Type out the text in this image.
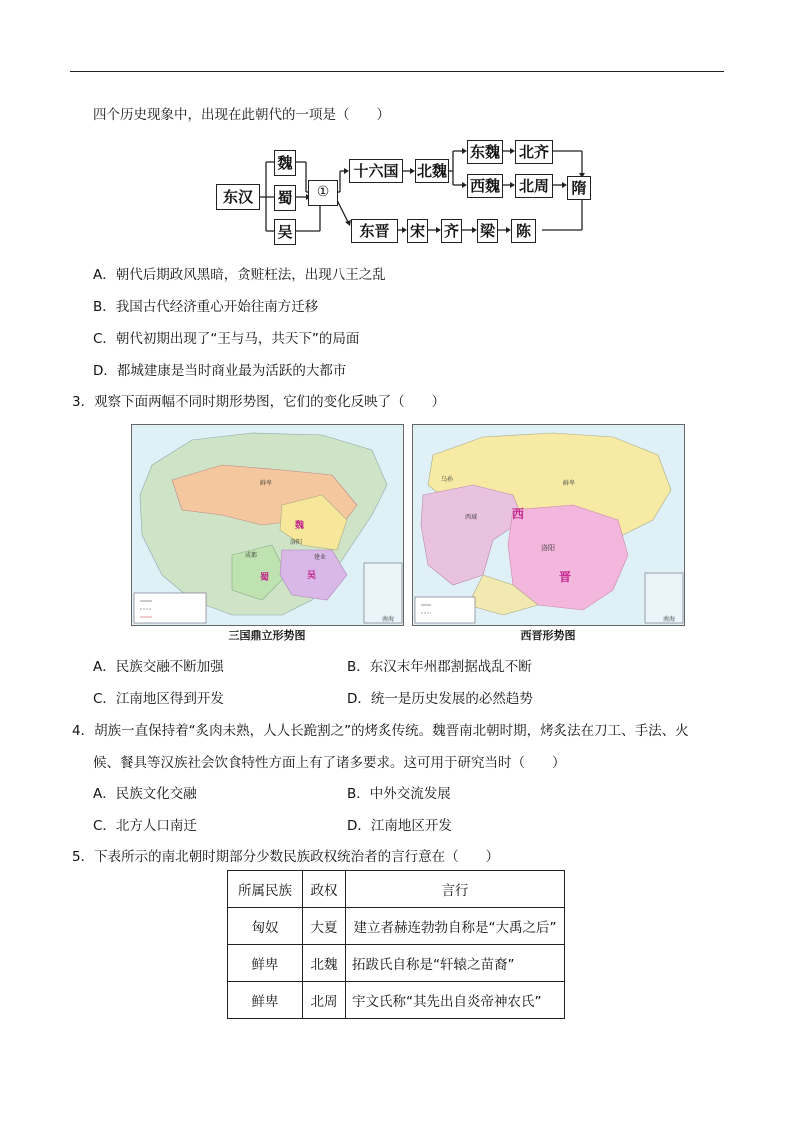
四个历史现象中，出现在此朝代的一项是（　　）
东汉
魏
蜀
吴
①
十六国	北魏
东魏 北齐
西魏 北周 隋
东晋	宋 齐 梁	陈
A．朝代后期政风黑暗，贪赃枉法，出现八王之乱
B．我国古代经济重心开始往南方迁移
C．朝代初期出现了“王与马，共天下”的局面
D．都城建康是当时商业最为活跃的大都市
3．观察下面两幅不同时期形势图，它们的变化反映了（　　）
魏
蜀	吴
洛阳
建业
成都
鲜卑
南海
三国鼎立形势图
西
晋
洛阳
西域
鲜卑
乌孙
南海
西晋形势图
A．民族交融不断加强	B．东汉末年州郡割据战乱不断
C．江南地区得到开发	D．统一是历史发展的必然趋势
4．胡族一直保持着“炙肉未熟，人人长跪割之”的烤炙传统。魏晋南北朝时期，烤炙法在刀工、手法、火
候、餐具等汉族社会饮食特性方面上有了诸多要求。这可用于研究当时（　　）
A．民族文化交融	B．中外交流发展
C．北方人口南迁	D．江南地区开发
5．下表所示的南北朝时期部分少数民族政权统治者的言行意在（　　）
所属民族	政权	言行
匈奴	大夏	建立者赫连勃勃自称是“大禹之后”
鲜卑	北魏	拓跋氏自称是“轩辕之苗裔”
鲜卑	北周	宇文氏称“其先出自炎帝神农氏”
